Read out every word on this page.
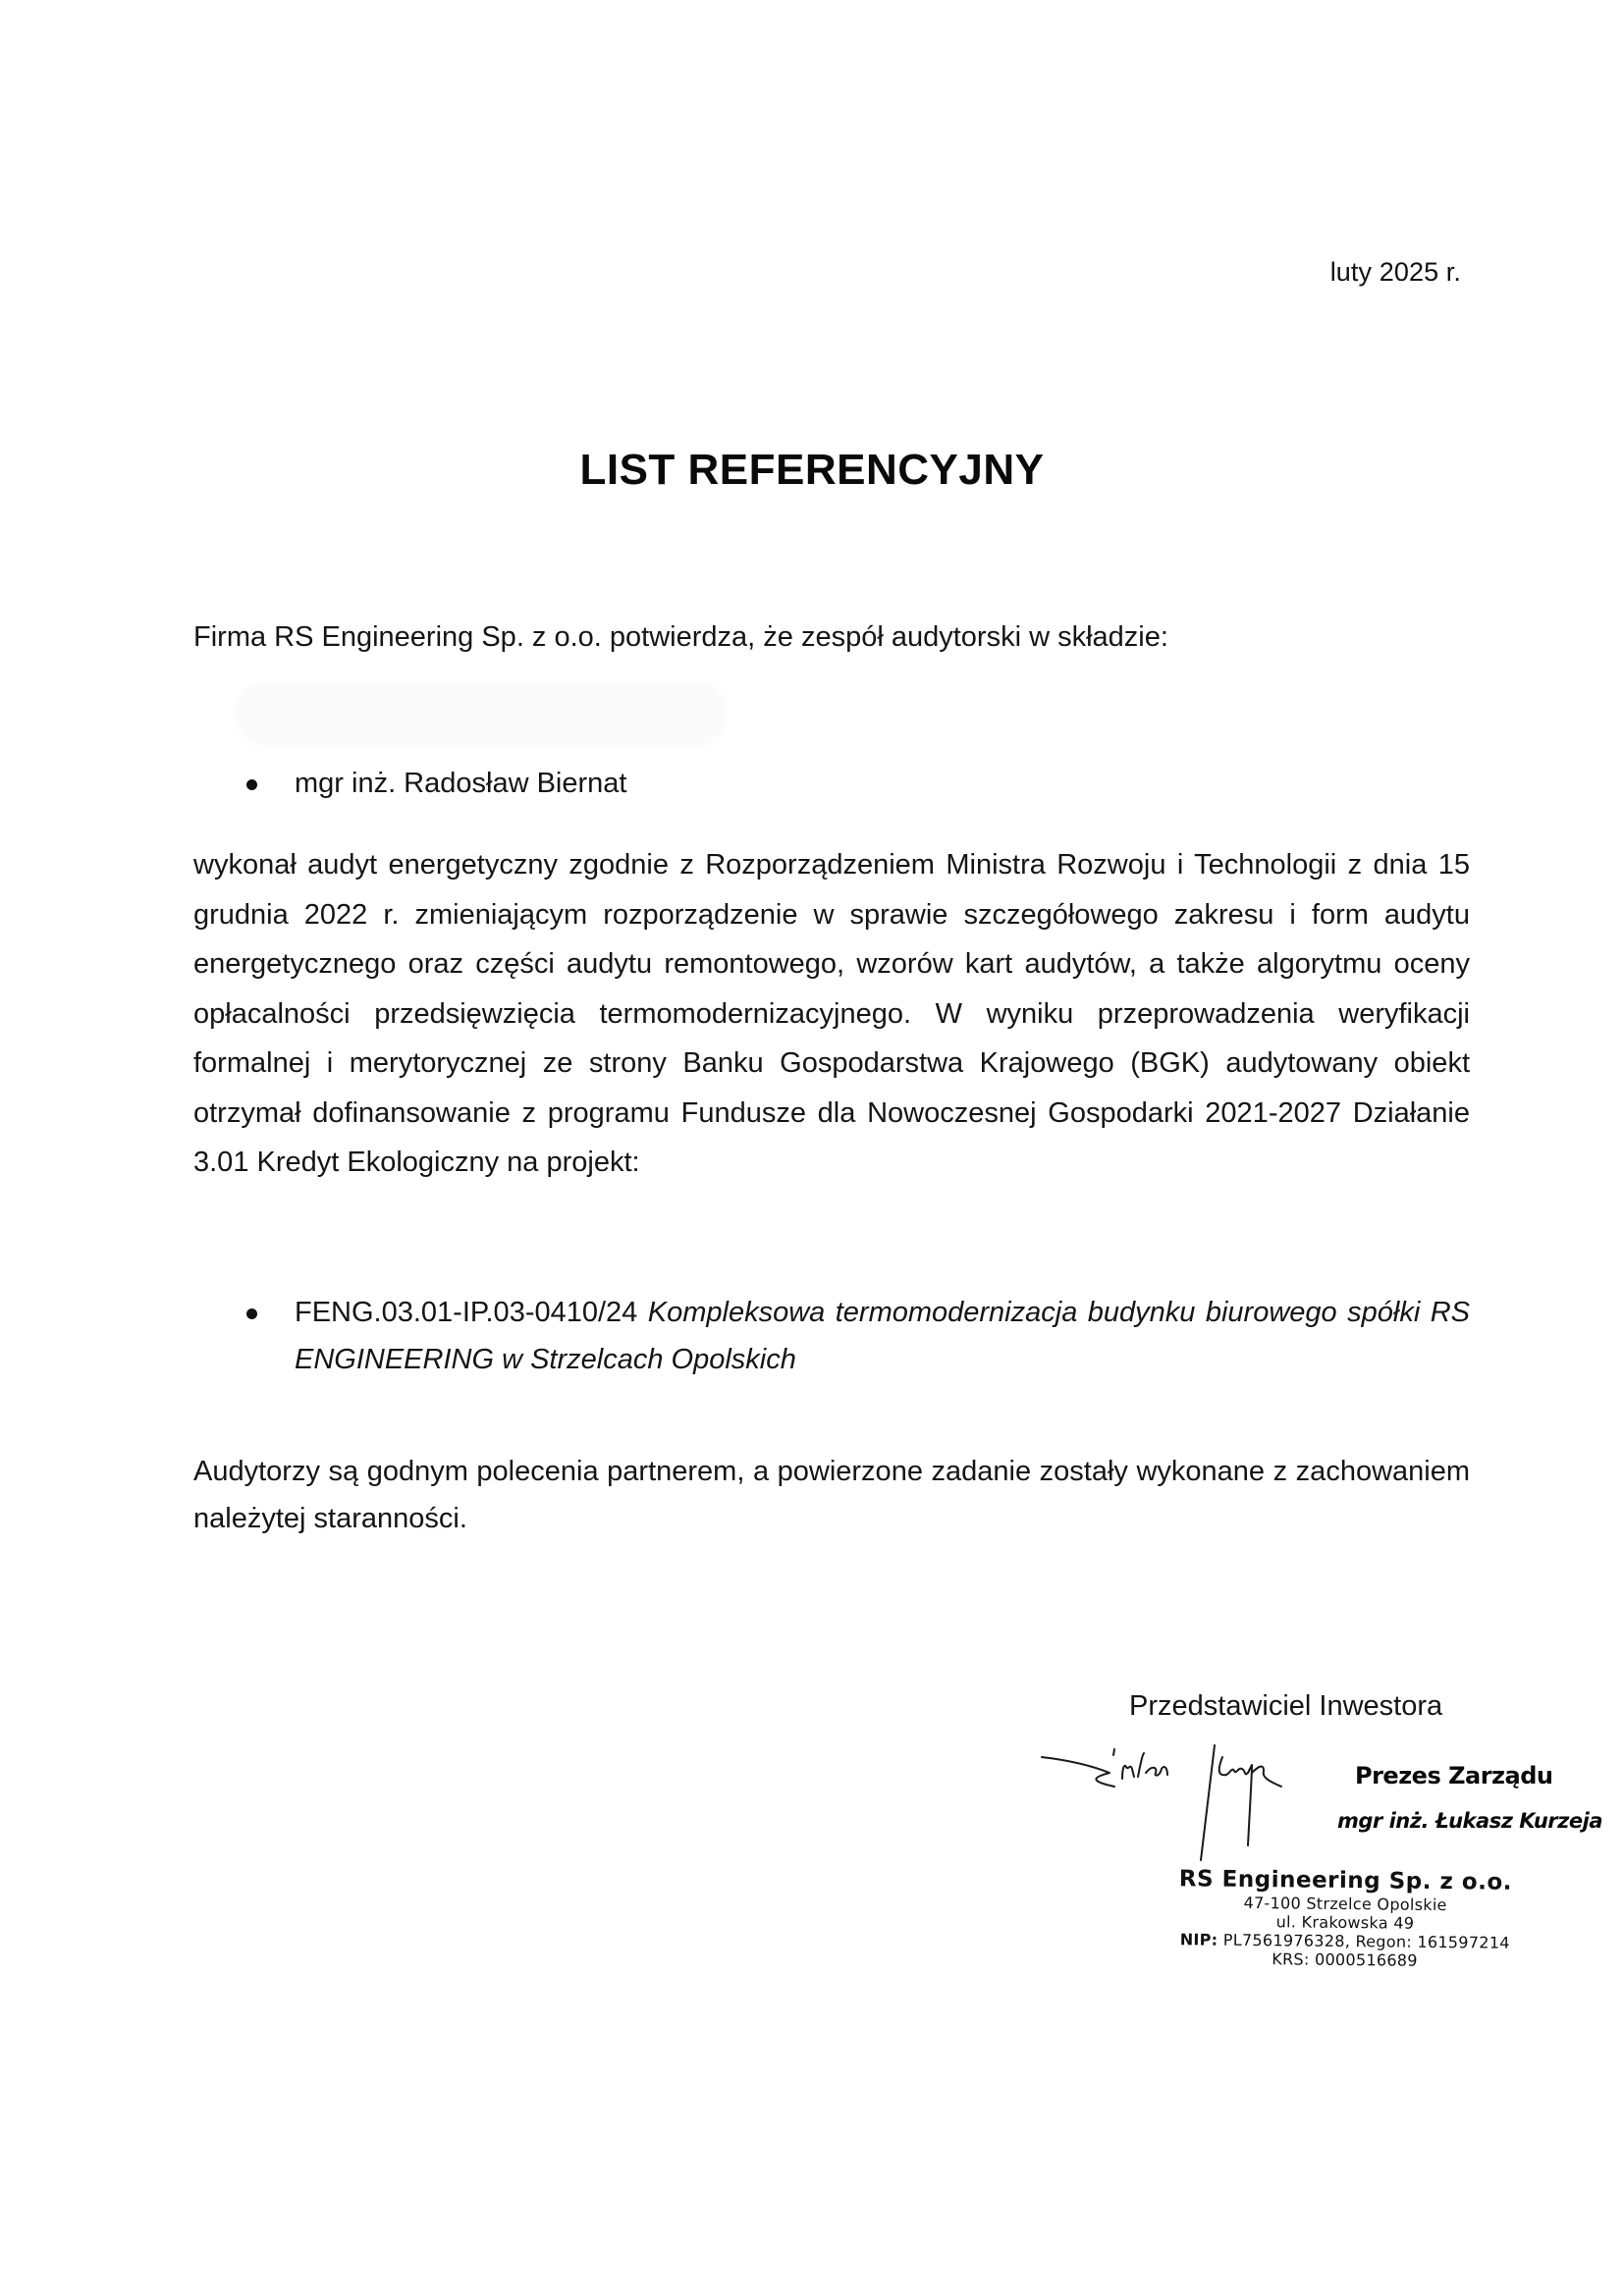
luty 2025 r.
LIST REFERENCYJNY

Firma RS Engineering Sp. z o.o. potwierdza, że zespół audytorski w składzie:

mgr inż. Radosław Biernat

wykonał audyt energetyczny zgodnie z Rozporządzeniem Ministra Rozwoju i Technologii z dnia 15 grudnia 2022 r. zmieniającym rozporządzenie w sprawie szczegółowego zakresu i form audytu energetycznego oraz części audytu remontowego, wzorów kart audytów, a także algorytmu oceny opłacalności przedsięwzięcia termomodernizacyjnego. W wyniku przeprowadzenia weryfikacji formalnej i merytorycznej ze strony Banku Gospodarstwa Krajowego (BGK) audytowany obiekt otrzymał dofinansowanie z programu Fundusze dla Nowoczesnej Gospodarki 2021-2027 Działanie 3.01 Kredyt Ekologiczny na projekt:

FENG.03.01-IP.03-0410/24 Kompleksowa termomodernizacja budynku biurowego spółki RS ENGINEERING w Strzelcach Opolskich

Audytorzy są godnym polecenia partnerem, a powierzone zadanie zostały wykonane z zachowaniem należytej staranności.

Przedstawiciel Inwestora
Prezes Zarządu
mgr inż. Łukasz Kurzeja
RS Engineering Sp. z o.o.
47-100 Strzelce Opolskie
ul. Krakowska 49
NIP: PL7561976328, Regon: 161597214
KRS: 0000516689
